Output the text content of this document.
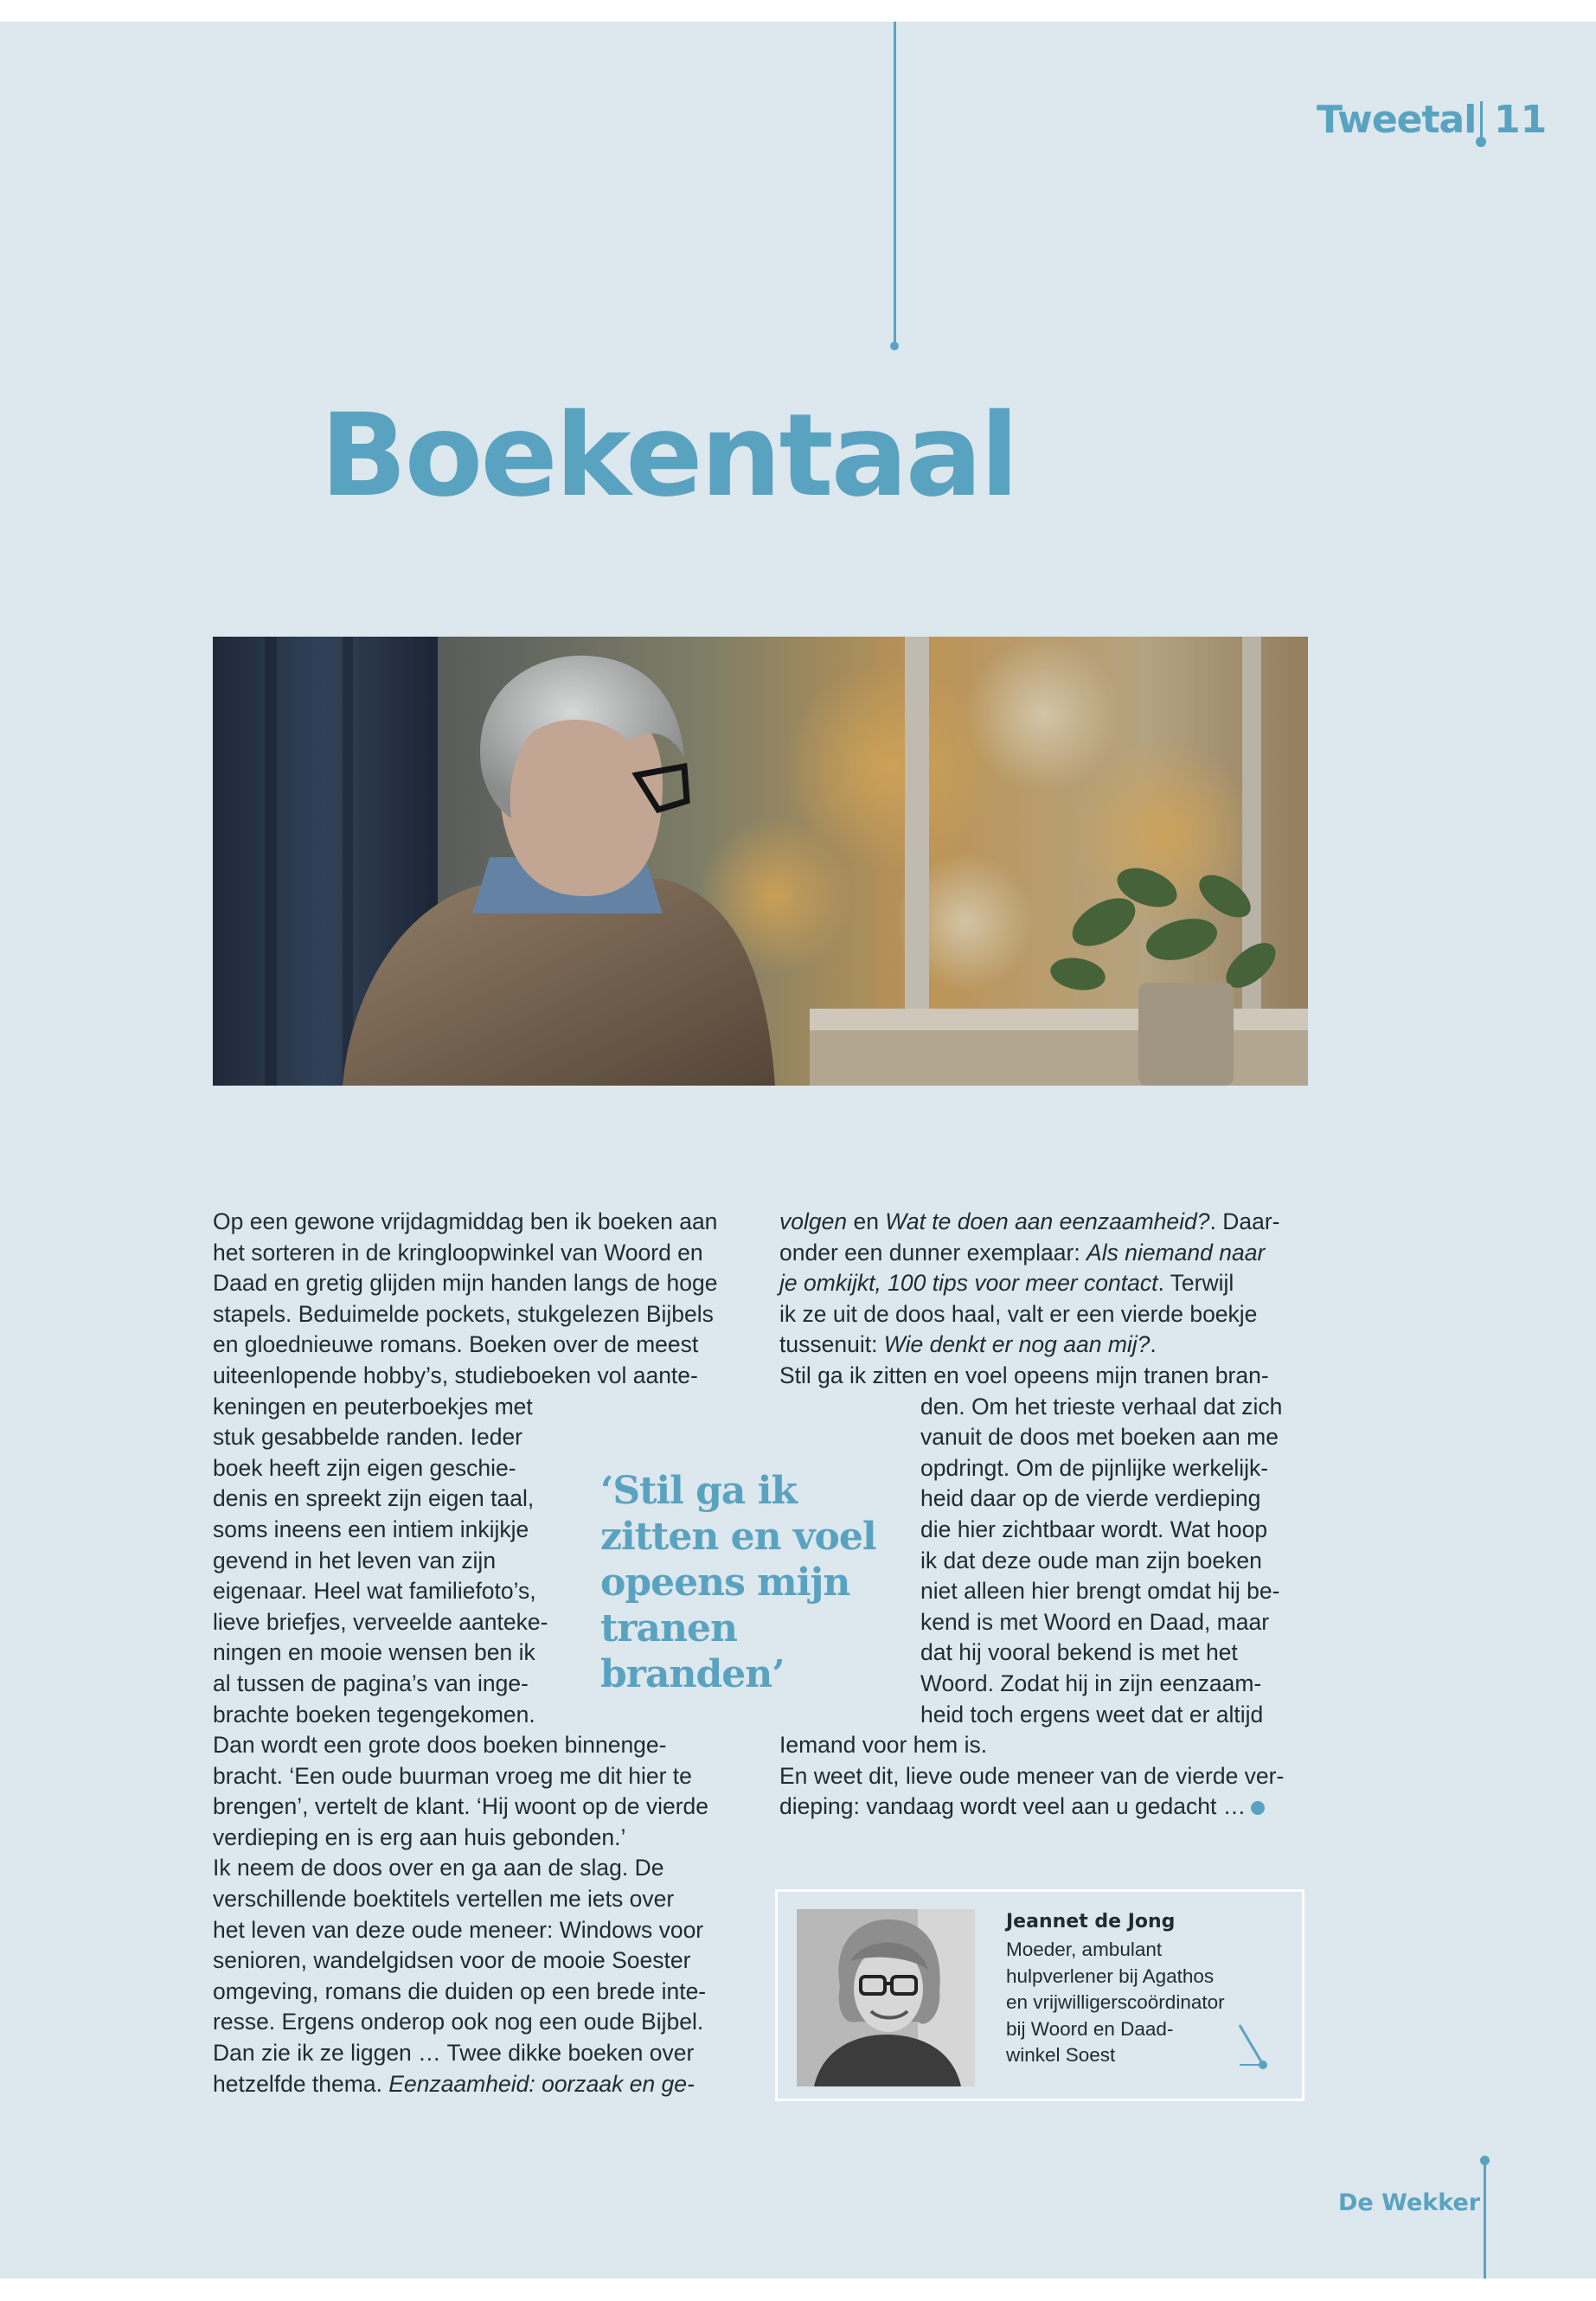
Tweetal 11
Boekentaal
Op een gewone vrijdagmiddag ben ik boeken aan
het sorteren in de kringloopwinkel van Woord en
Daad en gretig glijden mijn handen langs de hoge
stapels. Beduimelde pockets, stukgelezen Bijbels
en gloednieuwe romans. Boeken over de meest
uiteenlopende hobby’s, studieboeken vol aante-
keningen en peuterboekjes met
stuk gesabbelde randen. Ieder
boek heeft zijn eigen geschie-
denis en spreekt zijn eigen taal,
soms ineens een intiem inkijkje
gevend in het leven van zijn
eigenaar. Heel wat familiefoto’s,
lieve briefjes, verveelde aanteke-
ningen en mooie wensen ben ik
al tussen de pagina’s van inge-
brachte boeken tegengekomen.
Dan wordt een grote doos boeken binnenge-
bracht. ‘Een oude buurman vroeg me dit hier te
brengen’, vertelt de klant. ‘Hij woont op de vierde
verdieping en is erg aan huis gebonden.’
Ik neem de doos over en ga aan de slag. De
verschillende boektitels vertellen me iets over
het leven van deze oude meneer: Windows voor
senioren, wandelgidsen voor de mooie Soester
omgeving, romans die duiden op een brede inte-
resse. Ergens onderop ook nog een oude Bijbel.
Dan zie ik ze liggen … Twee dikke boeken over
hetzelfde thema. Eenzaamheid: oorzaak en ge-
‘Stil ga ik zitten en voel opeens mijn tranen branden’
volgen en Wat te doen aan eenzaamheid?. Daar-
onder een dunner exemplaar: Als niemand naar
je omkijkt, 100 tips voor meer contact. Terwijl
ik ze uit de doos haal, valt er een vierde boekje
tussenuit: Wie denkt er nog aan mij?.
Stil ga ik zitten en voel opeens mijn tranen bran-
den. Om het trieste verhaal dat zich
vanuit de doos met boeken aan me
opdringt. Om de pijnlijke werkelijk-
heid daar op de vierde verdieping
die hier zichtbaar wordt. Wat hoop
ik dat deze oude man zijn boeken
niet alleen hier brengt omdat hij be-
kend is met Woord en Daad, maar
dat hij vooral bekend is met het
Woord. Zodat hij in zijn eenzaam-
heid toch ergens weet dat er altijd
Iemand voor hem is.
En weet dit, lieve oude meneer van de vierde ver-
dieping: vandaag wordt veel aan u gedacht …
Jeannet de Jong
Moeder, ambulant
hulpverlener bij Agathos
en vrijwilligerscoördinator
bij Woord en Daad-
winkel Soest
De Wekker
